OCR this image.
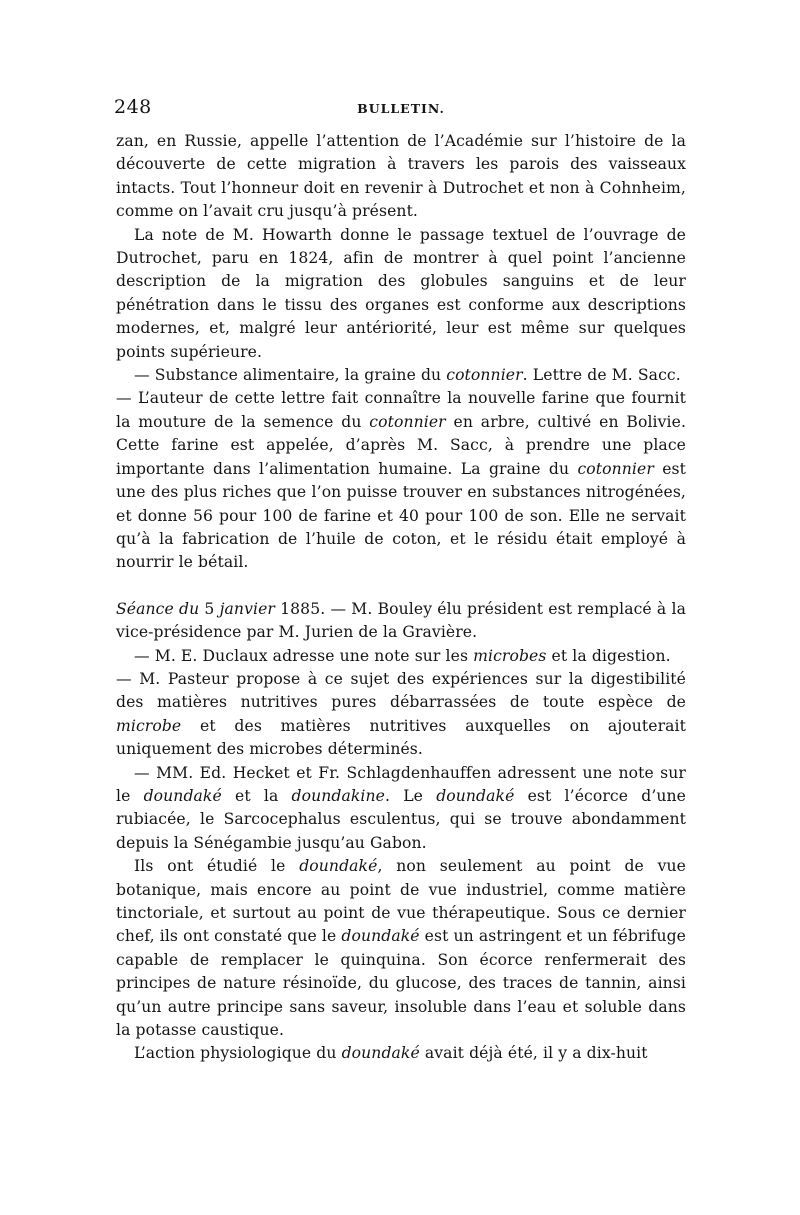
248	BULLETIN.

zan, en Russie, appelle l’attention de l’Académie sur l’histoire de la découverte de cette migration à travers les parois des vaisseaux intacts. Tout l’honneur doit en revenir à Dutrochet et non à Cohnheim, comme on l’avait cru jusqu’à présent.

La note de M. Howarth donne le passage textuel de l’ouvrage de Dutrochet, paru en 1824, afin de montrer à quel point l’ancienne description de la migration des globules sanguins et de leur pénétration dans le tissu des organes est conforme aux descriptions modernes, et, malgré leur antériorité, leur est même sur quelques points supérieure.

— Substance alimentaire, la graine du cotonnier. Lettre de M. Sacc.

— L’auteur de cette lettre fait connaître la nouvelle farine que fournit la mouture de la semence du cotonnier en arbre, cultivé en Bolivie. Cette farine est appelée, d’après M. Sacc, à prendre une place importante dans l’alimentation humaine. La graine du cotonnier est une des plus riches que l’on puisse trouver en substances nitrogénées, et donne 56 pour 100 de farine et 40 pour 100 de son. Elle ne servait qu’à la fabrication de l’huile de coton, et le résidu était employé à nourrir le bétail.

Séance du 5 janvier 1885. — M. Bouley élu président est remplacé à la vice-présidence par M. Jurien de la Gravière.

— M. E. Duclaux adresse une note sur les microbes et la digestion.

— M. Pasteur propose à ce sujet des expériences sur la digestibilité des matières nutritives pures débarrassées de toute espèce de microbe et des matières nutritives auxquelles on ajouterait uniquement des microbes déterminés.

— MM. Ed. Hecket et Fr. Schlagdenhauffen adressent une note sur le doundaké et la doundakine. Le doundaké est l’écorce d’une rubiacée, le Sarcocephalus esculentus, qui se trouve abondamment depuis la Sénégambie jusqu’au Gabon.

Ils ont étudié le doundaké, non seulement au point de vue botanique, mais encore au point de vue industriel, comme matière tinctoriale, et surtout au point de vue thérapeutique. Sous ce dernier chef, ils ont constaté que le doundaké est un astringent et un fébrifuge capable de remplacer le quinquina. Son écorce renfermerait des principes de nature résinoïde, du glucose, des traces de tannin, ainsi qu’un autre principe sans saveur, insoluble dans l’eau et soluble dans la potasse caustique.

L’action physiologique du doundaké avait déjà été, il y a dix-huit
